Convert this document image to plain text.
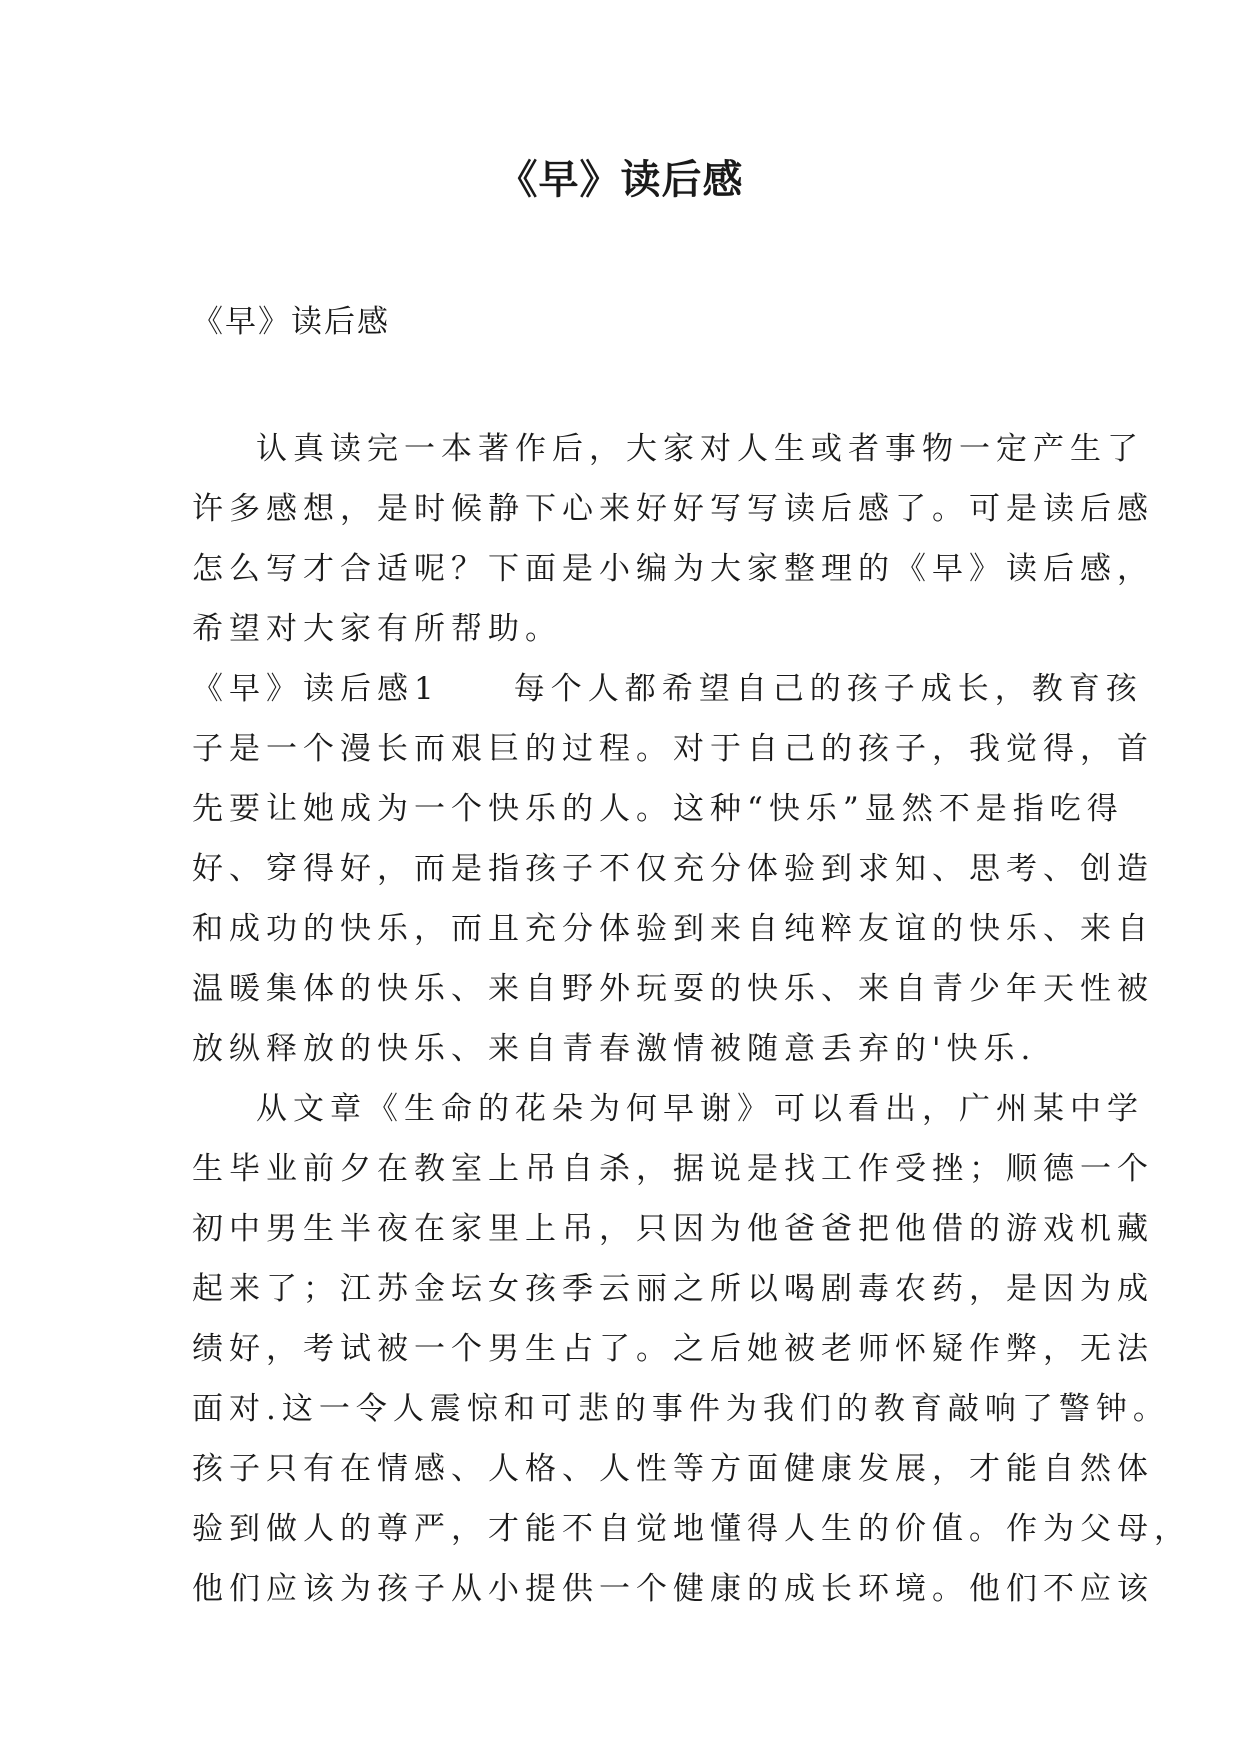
《早》读后感
《早》读后感
认真读完一本著作后，大家对人生或者事物一定产生了
许多感想，是时候静下心来好好写写读后感了。可是读后感
怎么写才合适呢？下面是小编为大家整理的《早》读后感，
希望对大家有所帮助。
《早》读后感1　　每个人都希望自己的孩子成长，教育孩
子是一个漫长而艰巨的过程。对于自己的孩子，我觉得，首
先要让她成为一个快乐的人。这种“快乐”显然不是指吃得
好、穿得好，而是指孩子不仅充分体验到求知、思考、创造
和成功的快乐，而且充分体验到来自纯粹友谊的快乐、来自
温暖集体的快乐、来自野外玩耍的快乐、来自青少年天性被
放纵释放的快乐、来自青春激情被随意丢弃的'快乐.
从文章《生命的花朵为何早谢》可以看出，广州某中学
生毕业前夕在教室上吊自杀，据说是找工作受挫；顺德一个
初中男生半夜在家里上吊，只因为他爸爸把他借的游戏机藏
起来了；江苏金坛女孩季云丽之所以喝剧毒农药，是因为成
绩好，考试被一个男生占了。之后她被老师怀疑作弊，无法
面对.这一令人震惊和可悲的事件为我们的教育敲响了警钟。
孩子只有在情感、人格、人性等方面健康发展，才能自然体
验到做人的尊严，才能不自觉地懂得人生的价值。作为父母，
他们应该为孩子从小提供一个健康的成长环境。他们不应该
